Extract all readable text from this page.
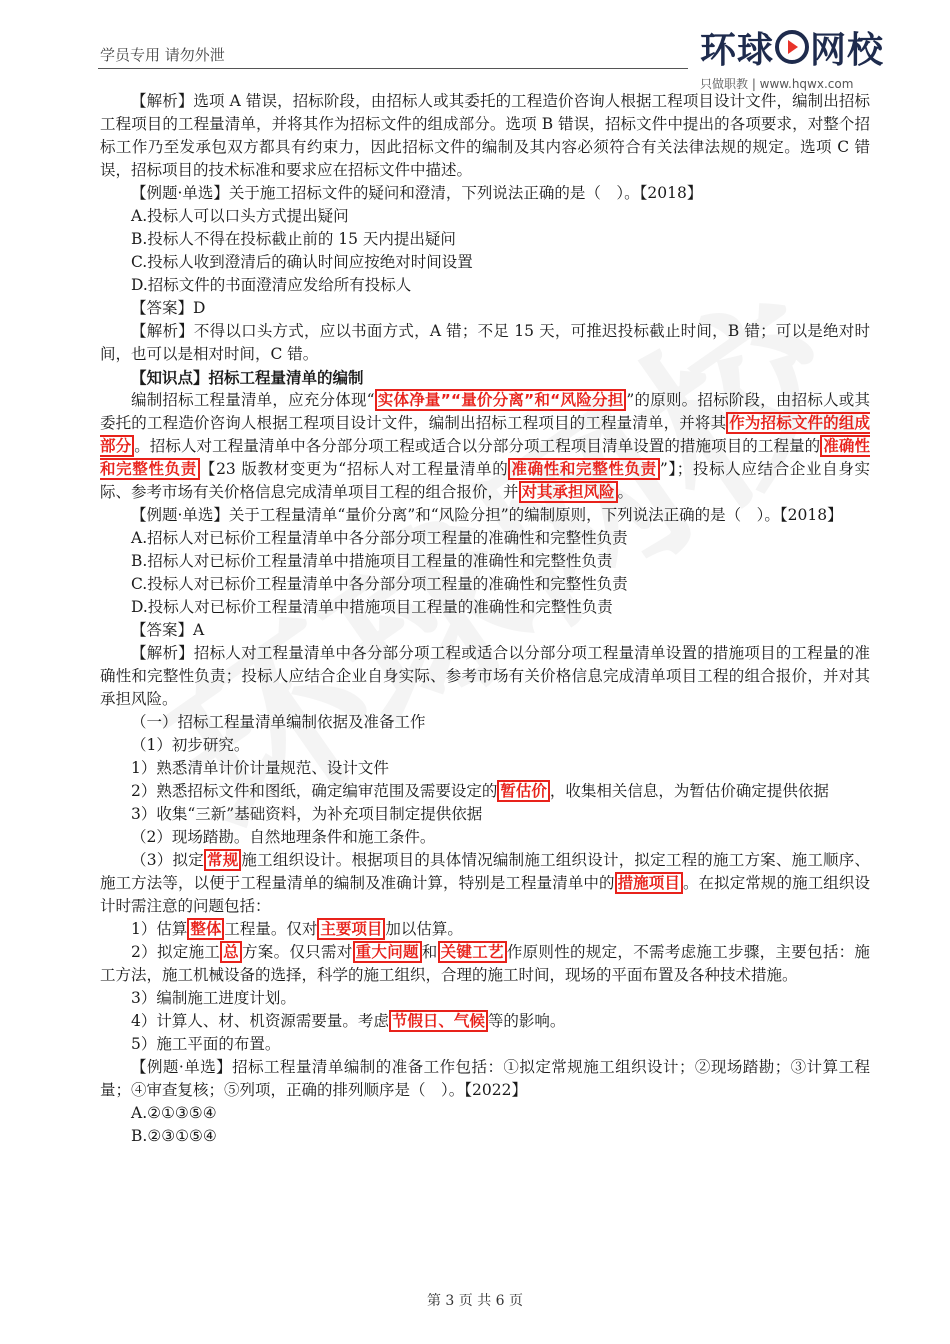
学员专用 请勿外泄	环球 网校
只做职教 | www.hqwx.com

【解析】选项 A 错误，招标阶段，由招标人或其委托的工程造价咨询人根据工程项目设计文件，编制出招标工程项目的工程量清单，并将其作为招标文件的组成部分。选项 B 错误，招标文件中提出的各项要求，对整个招标工作乃至发承包双方都具有约束力，因此招标文件的编制及其内容必须符合有关法律法规的规定。选项 C 错误，招标项目的技术标准和要求应在招标文件中描述。

【例题·单选】关于施工招标文件的疑问和澄清，下列说法正确的是（　）。【2018】

A.投标人可以口头方式提出疑问

B.投标人不得在投标截止前的 15 天内提出疑问

C.投标人收到澄清后的确认时间应按绝对时间设置

D.招标文件的书面澄清应发给所有投标人

【答案】D

【解析】不得以口头方式，应以书面方式，A 错；不足 15 天，可推迟投标截止时间，B 错；可以是绝对时间，也可以是相对时间，C 错。

【知识点】招标工程量清单的编制

编制招标工程量清单，应充分体现“ 实体净量”“量价分离”和“风险分担 ”的原则。招标阶段，由招标人或其委托的工程造价咨询人根据工程项目设计文件，编制出招标工程项目的工程量清单，并将其 作为招标文件的组成部分 。招标人对工程量清单中各分部分项工程或适合以分部分项工程项目清单设置的措施项目的工程量的 准确性和完整性负责 【23 版教材变更为“招标人对工程量清单的 准确性和完整性负责 ”】；投标人应结合企业自身实际、参考市场有关价格信息完成清单项目工程的组合报价，并 对其承担风险 。

【例题·单选】关于工程量清单“量价分离”和“风险分担”的编制原则，下列说法正确的是（　）。【2018】

A.招标人对已标价工程量清单中各分部分项工程量的准确性和完整性负责

B.招标人对已标价工程量清单中措施项目工程量的准确性和完整性负责

C.投标人对已标价工程量清单中各分部分项工程量的准确性和完整性负责

D.投标人对已标价工程量清单中措施项目工程量的准确性和完整性负责

【答案】A

【解析】招标人对工程量清单中各分部分项工程或适合以分部分项工程量清单设置的措施项目的工程量的准确性和完整性负责；投标人应结合企业自身实际、参考市场有关价格信息完成清单项目工程的组合报价，并对其承担风险。

（一）招标工程量清单编制依据及准备工作

（1）初步研究。

1）熟悉清单计价计量规范、设计文件

2）熟悉招标文件和图纸，确定编审范围及需要设定的 暂估价 ，收集相关信息，为暂估价确定提供依据

3）收集“三新”基础资料，为补充项目制定提供依据

（2）现场踏勘。自然地理条件和施工条件。

（3）拟定 常规 施工组织设计。根据项目的具体情况编制施工组织设计，拟定工程的施工方案、施工顺序、施工方法等，以便于工程量清单的编制及准确计算，特别是工程量清单中的 措施项目 。在拟定常规的施工组织设计时需注意的问题包括：

1）估算 整体 工程量。仅对 主要项目 加以估算。

2）拟定施工 总 方案。仅只需对 重大问题 和 关键工艺 作原则性的规定，不需考虑施工步骤，主要包括：施工方法，施工机械设备的选择，科学的施工组织，合理的施工时间，现场的平面布置及各种技术措施。

3）编制施工进度计划。

4）计算人、材、机资源需要量。考虑 节假日、气候 等的影响。

5）施工平面的布置。

【例题·单选】招标工程量清单编制的准备工作包括：①拟定常规施工组织设计；②现场踏勘；③计算工程量；④审查复核；⑤列项，正确的排列顺序是（　）。【2022】

A.②①③⑤④

B.②③①⑤④

第 3 页 共 6 页
